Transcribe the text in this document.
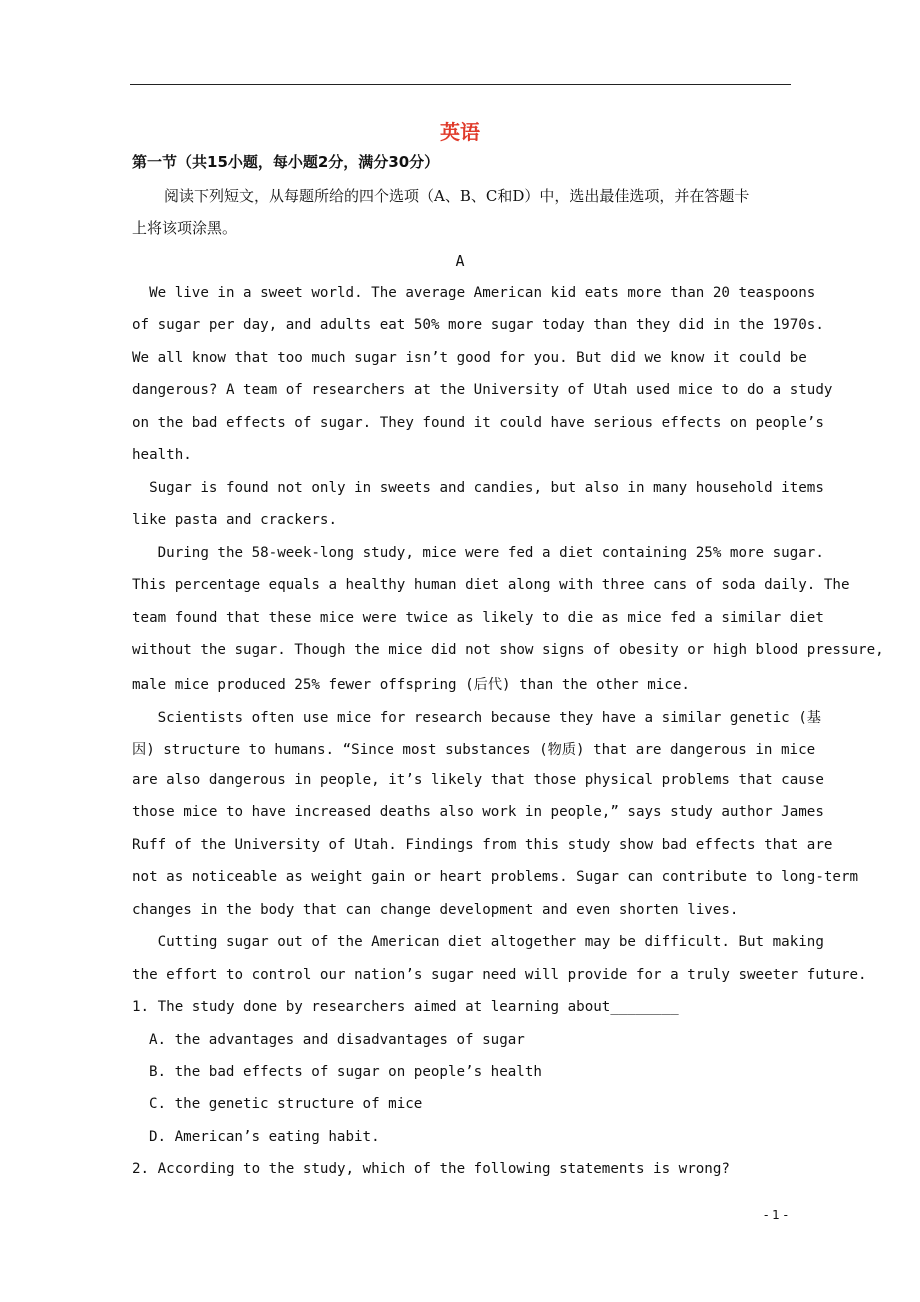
英语
第一节（共15小题，每小题2分，满分30分）
阅读下列短文，从每题所给的四个选项（A、B、C和D）中，选出最佳选项，并在答题卡
上将该项涂黑。
A
We live in a sweet world. The average American kid eats more than 20 teaspoons
of sugar per day, and adults eat 50% more sugar today than they did in the 1970s.
We all know that too much sugar isn’t good for you. But did we know it could be
dangerous? A team of researchers at the University of Utah used mice to do a study
on the bad effects of sugar. They found it could have serious effects on people’s
health.
Sugar is found not only in sweets and candies, but also in many household items
like pasta and crackers.
During the 58-week-long study, mice were fed a diet containing 25% more sugar.
This percentage equals a healthy human diet along with three cans of soda daily. The
team found that these mice were twice as likely to die as mice fed a similar diet
without the sugar. Though the mice did not show signs of obesity or high blood pressure,
male mice produced 25% fewer offspring (后代) than the other mice.
Scientists often use mice for research because they have a similar genetic (基
因) structure to humans. “Since most substances (物质) that are dangerous in mice
are also dangerous in people, it’s likely that those physical problems that cause
those mice to have increased deaths also work in people,” says study author James
Ruff of the University of Utah. Findings from this study show bad effects that are
not as noticeable as weight gain or heart problems. Sugar can contribute to long-term
changes in the body that can change development and even shorten lives.
Cutting sugar out of the American diet altogether may be difficult. But making
the effort to control our nation’s sugar need will provide for a truly sweeter future.
1. The study done by researchers aimed at learning about________
A. the advantages and disadvantages of sugar
B. the bad effects of sugar on people’s health
C. the genetic structure of mice
D. American’s eating habit.
2. According to the study, which of the following statements is wrong?
- 1 -
